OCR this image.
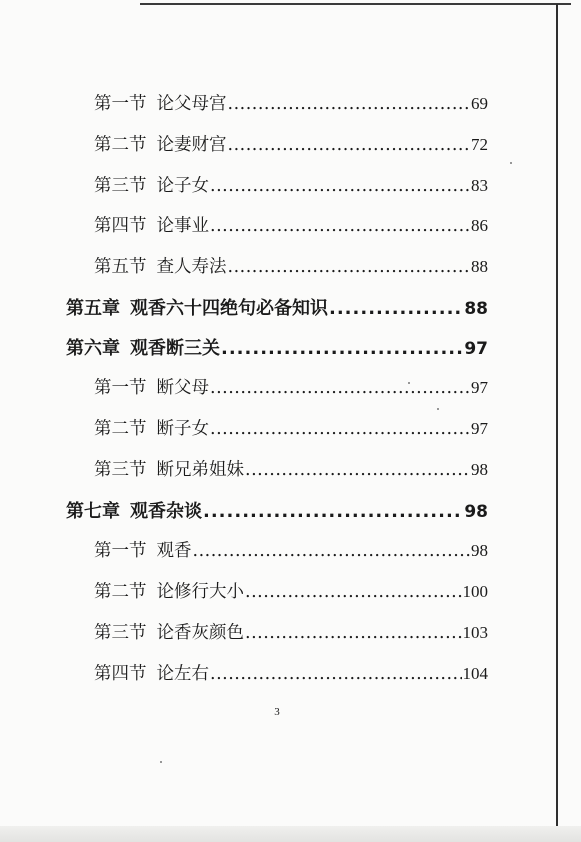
第一节 论父母宫 .....	69
第二节 论妻财宫 .....	72
第三节 论子女 .....	83
第四节 论事业 .....	86
第五节 查人寿法 .....	88
第五章 观香六十四绝句必备知识 .....	88
第六章 观香断三关 .....	97
第一节 断父母 .....	97
第二节 断子女 .....	97
第三节 断兄弟姐妹 .....	98
第七章 观香杂谈 .....	98
第一节 观香 .....	98
第二节 论修行大小 .....	100
第三节 论香灰颜色 .....	103
第四节 论左右 .....	104
3
